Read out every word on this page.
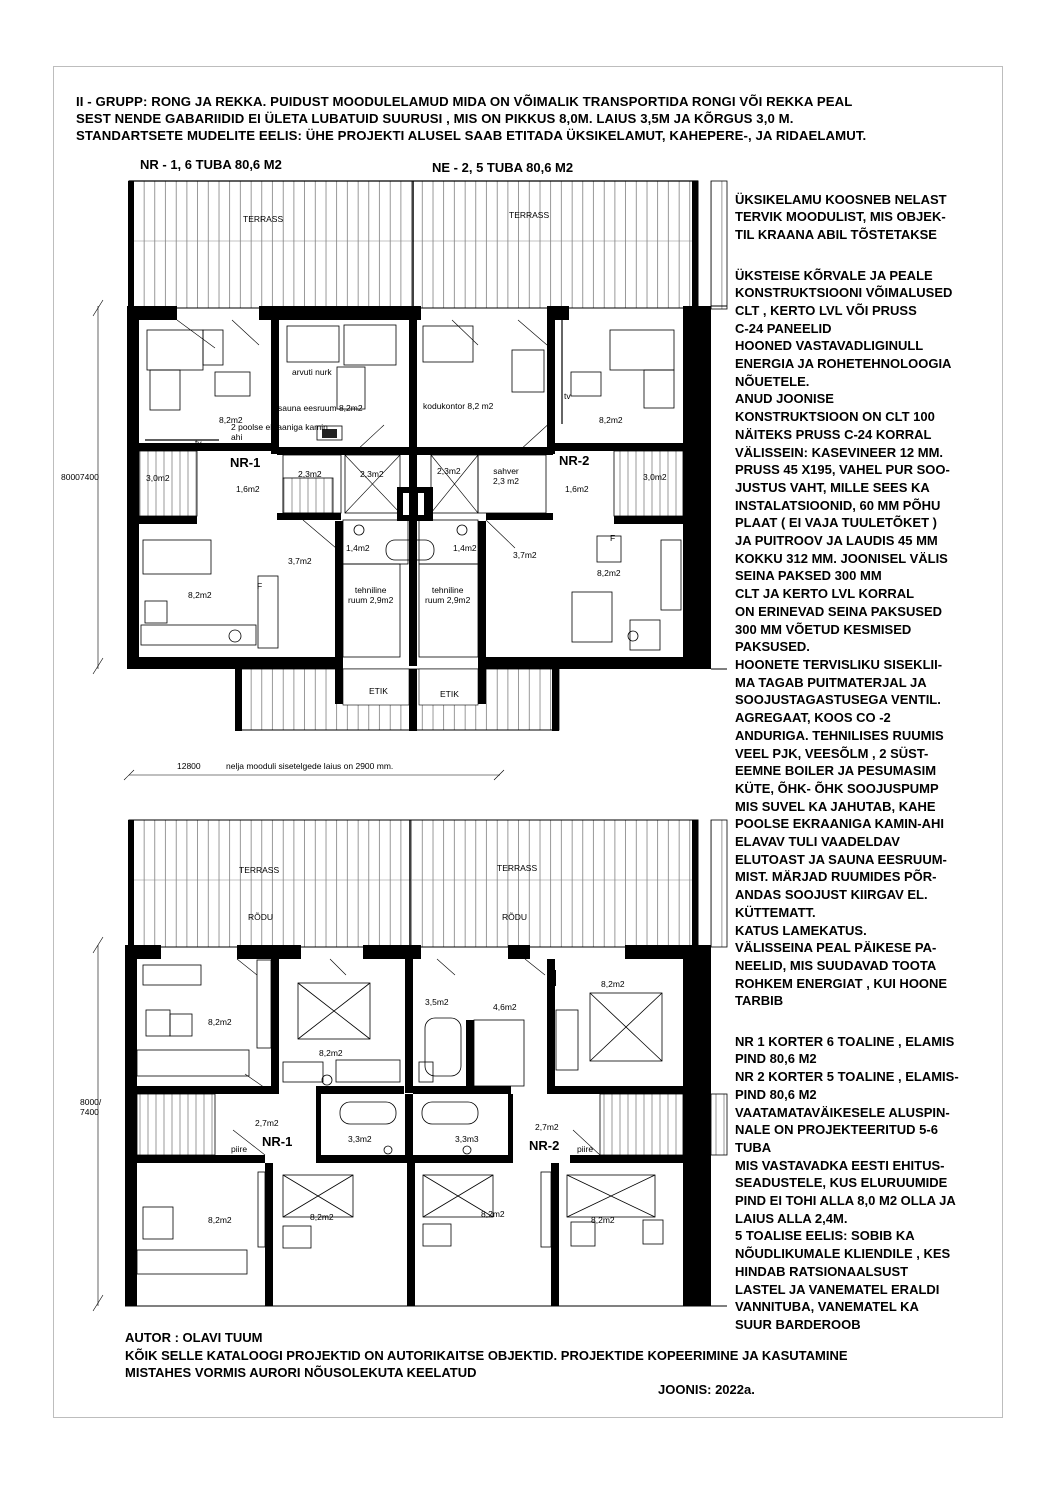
II - GRUPP: RONG JA REKKA. PUIDUST MOODULELAMUD MIDA ON VÕIMALIK TRANSPORTIDA RONGI VÕI REKKA PEAL
SEST NENDE GABARIIDID EI ÜLETA LUBATUID SUURUSI , MIS ON PIKKUS 8,0M. LAIUS 3,5M JA KÕRGUS 3,0 M.
STANDARTSETE MUDELITE EELIS: ÜHE PROJEKTI ALUSEL SAAB ETITADA ÜKSIKELAMUT, KAHEPERE-, JA RIDAELAMUT.
NR - 1, 6 TUBA 80,6 M2	NE - 2, 5 TUBA 80,6 M2
TERRASS	TERRASS
arvuti nurk
sauna eesruum 8,2m2
2 poolse ekraaniga kamin
ahi
kodukontor 8,2 m2
tv
tv
8,2m2	8,2m2
8,2m2
8,2m2
NR-1	NR-2
3,0m2	3,0m2
1,6m2	1,6m2
2,3m2	2,3m2	2,3m2	sahver
2,3 m2
1,4m2	1,4m2
3,7m2
3,7m2
tehniline
ruum 2,9m2
tehniline
ruum 2,9m2
F
F
ETIK	ETIK
80007400
12800	nelja mooduli sisetelgede laius on 2900 mm.
TERRASS	TERRASS
RÕDU	RÕDU
8,2m2
8,2m2
3,5m2	4,6m2
8,2m2
2,7m2	2,7m2
NR-1	NR-2
3,3m2	3,3m3
piire	piire
8,2m2	8,2m2	8,2m2
8,2m2
8000/
7400

ÜKSIKELAMU KOOSNEB NELAST
TERVIK MOODULIST, MIS OBJEK-
TIL KRAANA ABIL TÕSTETAKSE

ÜKSTEISE KÕRVALE JA PEALE
KONSTRUKTSIOONI VÕIMALUSED
CLT , KERTO LVL VÕI PRUSS
C-24 PANEELID
HOONED VASTAVADLIGINULL
ENERGIA JA ROHETEHNOLOOGIA
NÕUETELE.
ANUD JOONISE
KONSTRUKTSIOON ON CLT 100
NÄITEKS PRUSS C-24 KORRAL
VÄLISSEIN: KASEVINEER 12 MM.
PRUSS 45 X195, VAHEL PUR SOO-
JUSTUS VAHT, MILLE SEES KA
INSTALATSIOONID, 60 MM PÕHU
PLAAT ( EI VAJA TUULETÕKET )
JA PUITROOV JA LAUDIS 45 MM
KOKKU 312 MM. JOONISEL VÄLIS
SEINA PAKSED 300 MM
CLT JA KERTO LVL KORRAL
ON ERINEVAD SEINA PAKSUSED
300 MM VÕETUD KESMISED
PAKSUSED.
HOONETE TERVISLIKU SISEKLII-
MA TAGAB PUITMATERJAL JA
SOOJUSTAGASTUSEGA VENTIL.
AGREGAAT, KOOS CO -2
ANDURIGA. TEHNILISES RUUMIS
VEEL PJK, VEESÕLM , 2 SÜST-
EEMNE BOILER JA PESUMASIM
KÜTE, ÕHK- ÕHK SOOJUSPUMP
MIS SUVEL KA JAHUTAB, KAHE
POOLSE EKRAANIGA KAMIN-AHI
ELAVAV TULI VAADELDAV
ELUTOAST JA SAUNA EESRUUM-
MIST. MÄRJAD RUUMIDES PÕR-
ANDAS SOOJUST KIIRGAV EL.
KÜTTEMATT.
KATUS LAMEKATUS.
VÄLISSEINA PEAL PÄIKESE PA-
NEELID, MIS SUUDAVAD TOOTA
ROHKEM ENERGIAT , KUI HOONE
TARBIB

NR 1 KORTER 6 TOALINE , ELAMIS
PIND 80,6 M2
NR 2 KORTER 5 TOALINE , ELAMIS-
PIND 80,6 M2
VAATAMATAVÄIKESELE ALUSPIN-
NALE ON PROJEKTEERITUD 5-6
TUBA
MIS VASTAVADKA EESTI EHITUS-
SEADUSTELE, KUS ELURUUMIDE
PIND EI TOHI ALLA 8,0 M2 OLLA JA
LAIUS ALLA 2,4M.
5 TOALISE EELIS: SOBIB KA
NÕUDLIKUMALE KLIENDILE , KES
HINDAB RATSIONAALSUST
LASTEL JA VANEMATEL ERALDI
VANNITUBA, VANEMATEL KA
SUUR BARDEROOB

AUTOR : OLAVI TUUM
KÕIK SELLE KATALOOGI PROJEKTID ON AUTORIKAITSE OBJEKTID. PROJEKTIDE KOPEERIMINE JA KASUTAMINE
MISTAHES VORMIS AURORI NÕUSOLEKUTA KEELATUD
JOONIS: 2022a.
